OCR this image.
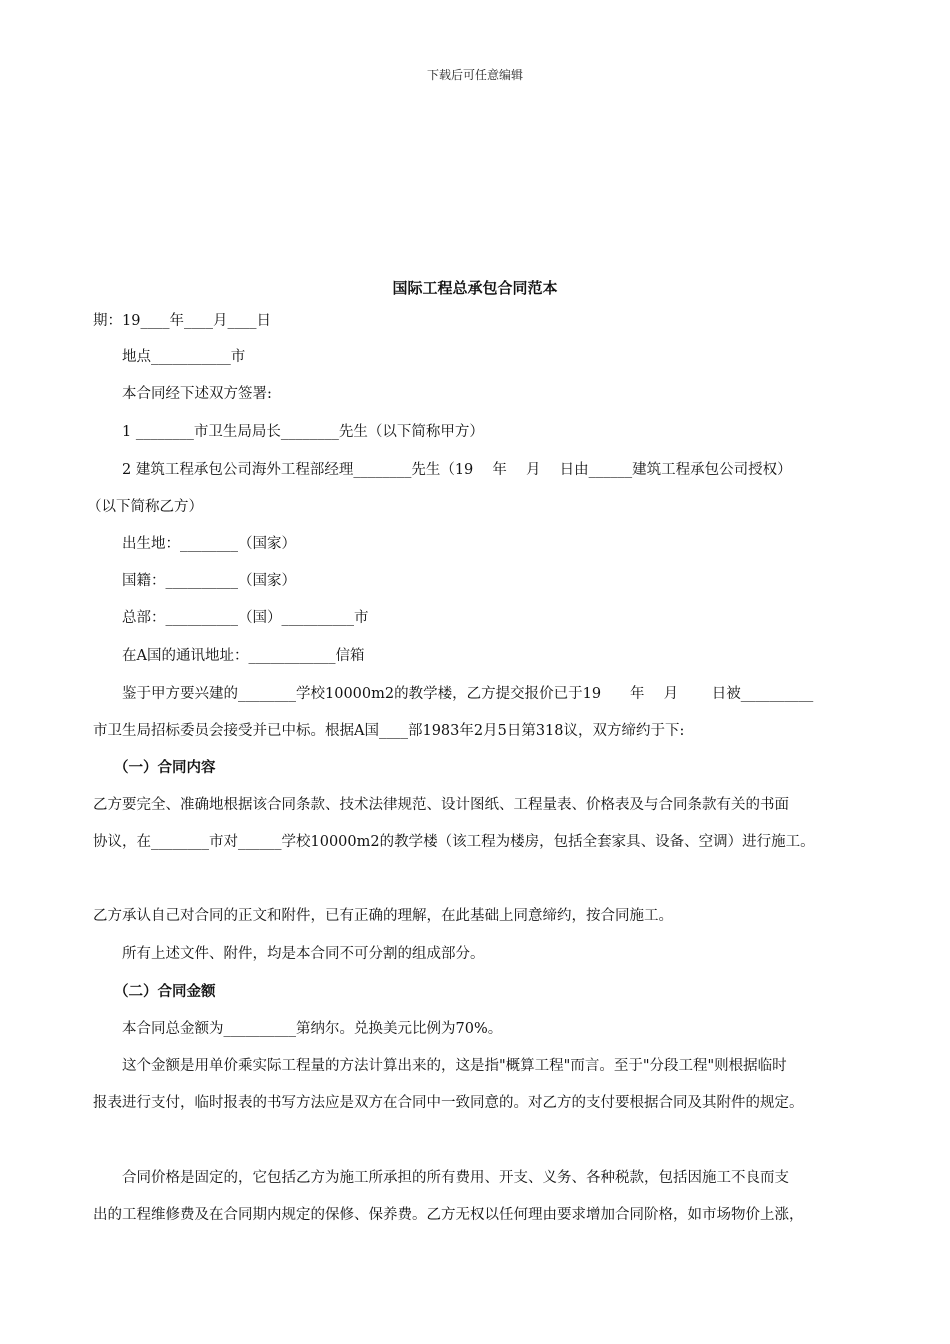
下载后可任意编辑
国际工程总承包合同范本
期：19____年____月____日
地点___________市
本合同经下述双方签署:
1 ________市卫生局局长________先生（以下简称甲方）
2 建筑工程承包公司海外工程部经理________先生（19　 年　 月　 日由______建筑工程承包公司授权）
（以下简称乙方）
出生地：________（国家）
国籍：__________（国家）
总部：__________（国）__________市
在A国的通讯地址：____________信箱
鉴于甲方要兴建的________学校10000m2的教学楼，乙方提交报价已于19　　年　 月　　 日被__________
市卫生局招标委员会接受并已中标。根据A国____部1983年2月5日第318议，双方缔约于下:
（一）合同内容
乙方要完全、准确地根据该合同条款、技术法律规范、设计图纸、工程量表、价格表及与合同条款有关的书面
协议，在________市对______学校10000m2的教学楼（该工程为楼房，包括全套家具、设备、空调）进行施工。
乙方承认自己对合同的正文和附件，已有正确的理解，在此基础上同意缔约，按合同施工。
所有上述文件、附件，均是本合同不可分割的组成部分。
（二）合同金额
本合同总金额为__________第纳尔。兑换美元比例为70%。
这个金额是用单价乘实际工程量的方法计算出来的，这是指"概算工程"而言。至于"分段工程"则根据临时
报表进行支付，临时报表的书写方法应是双方在合同中一致同意的。对乙方的支付要根据合同及其附件的规定。
合同价格是固定的，它包括乙方为施工所承担的所有费用、开支、义务、各种税款，包括因施工不良而支
出的工程维修费及在合同期内规定的保修、保养费。乙方无权以任何理由要求增加合同阶格，如市场物价上涨，
